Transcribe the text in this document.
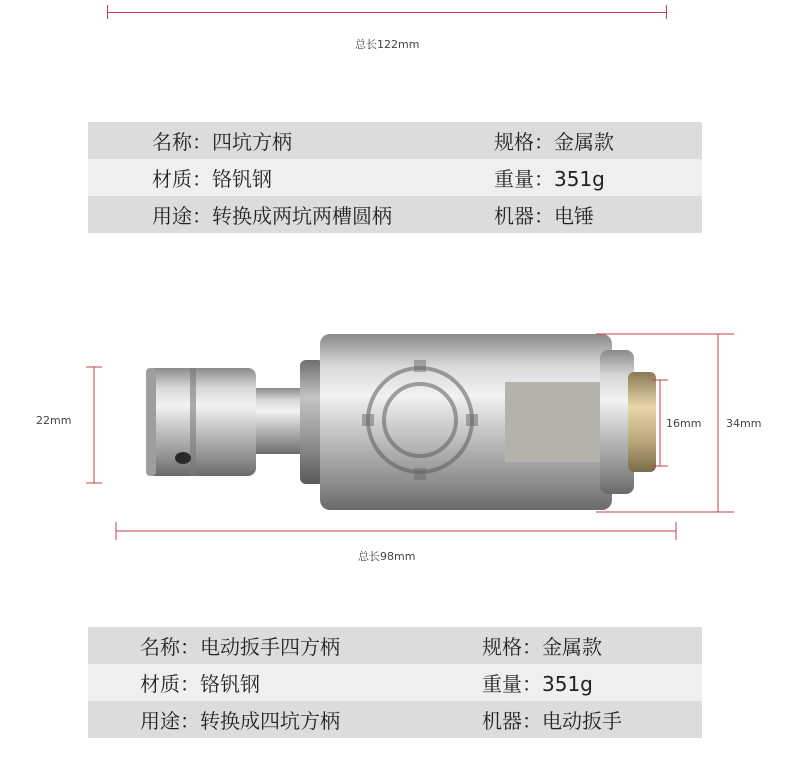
总长122mm
名称：四坑方柄	规格：金属款
材质：铬钒钢	重量：351g
用途：转换成两坑两槽圆柄	机器：电锤
22mm	16mm 34mm
总长98mm
名称：电动扳手四方柄	规格：金属款
材质：铬钒钢	重量：351g
用途：转换成四坑方柄	机器：电动扳手
